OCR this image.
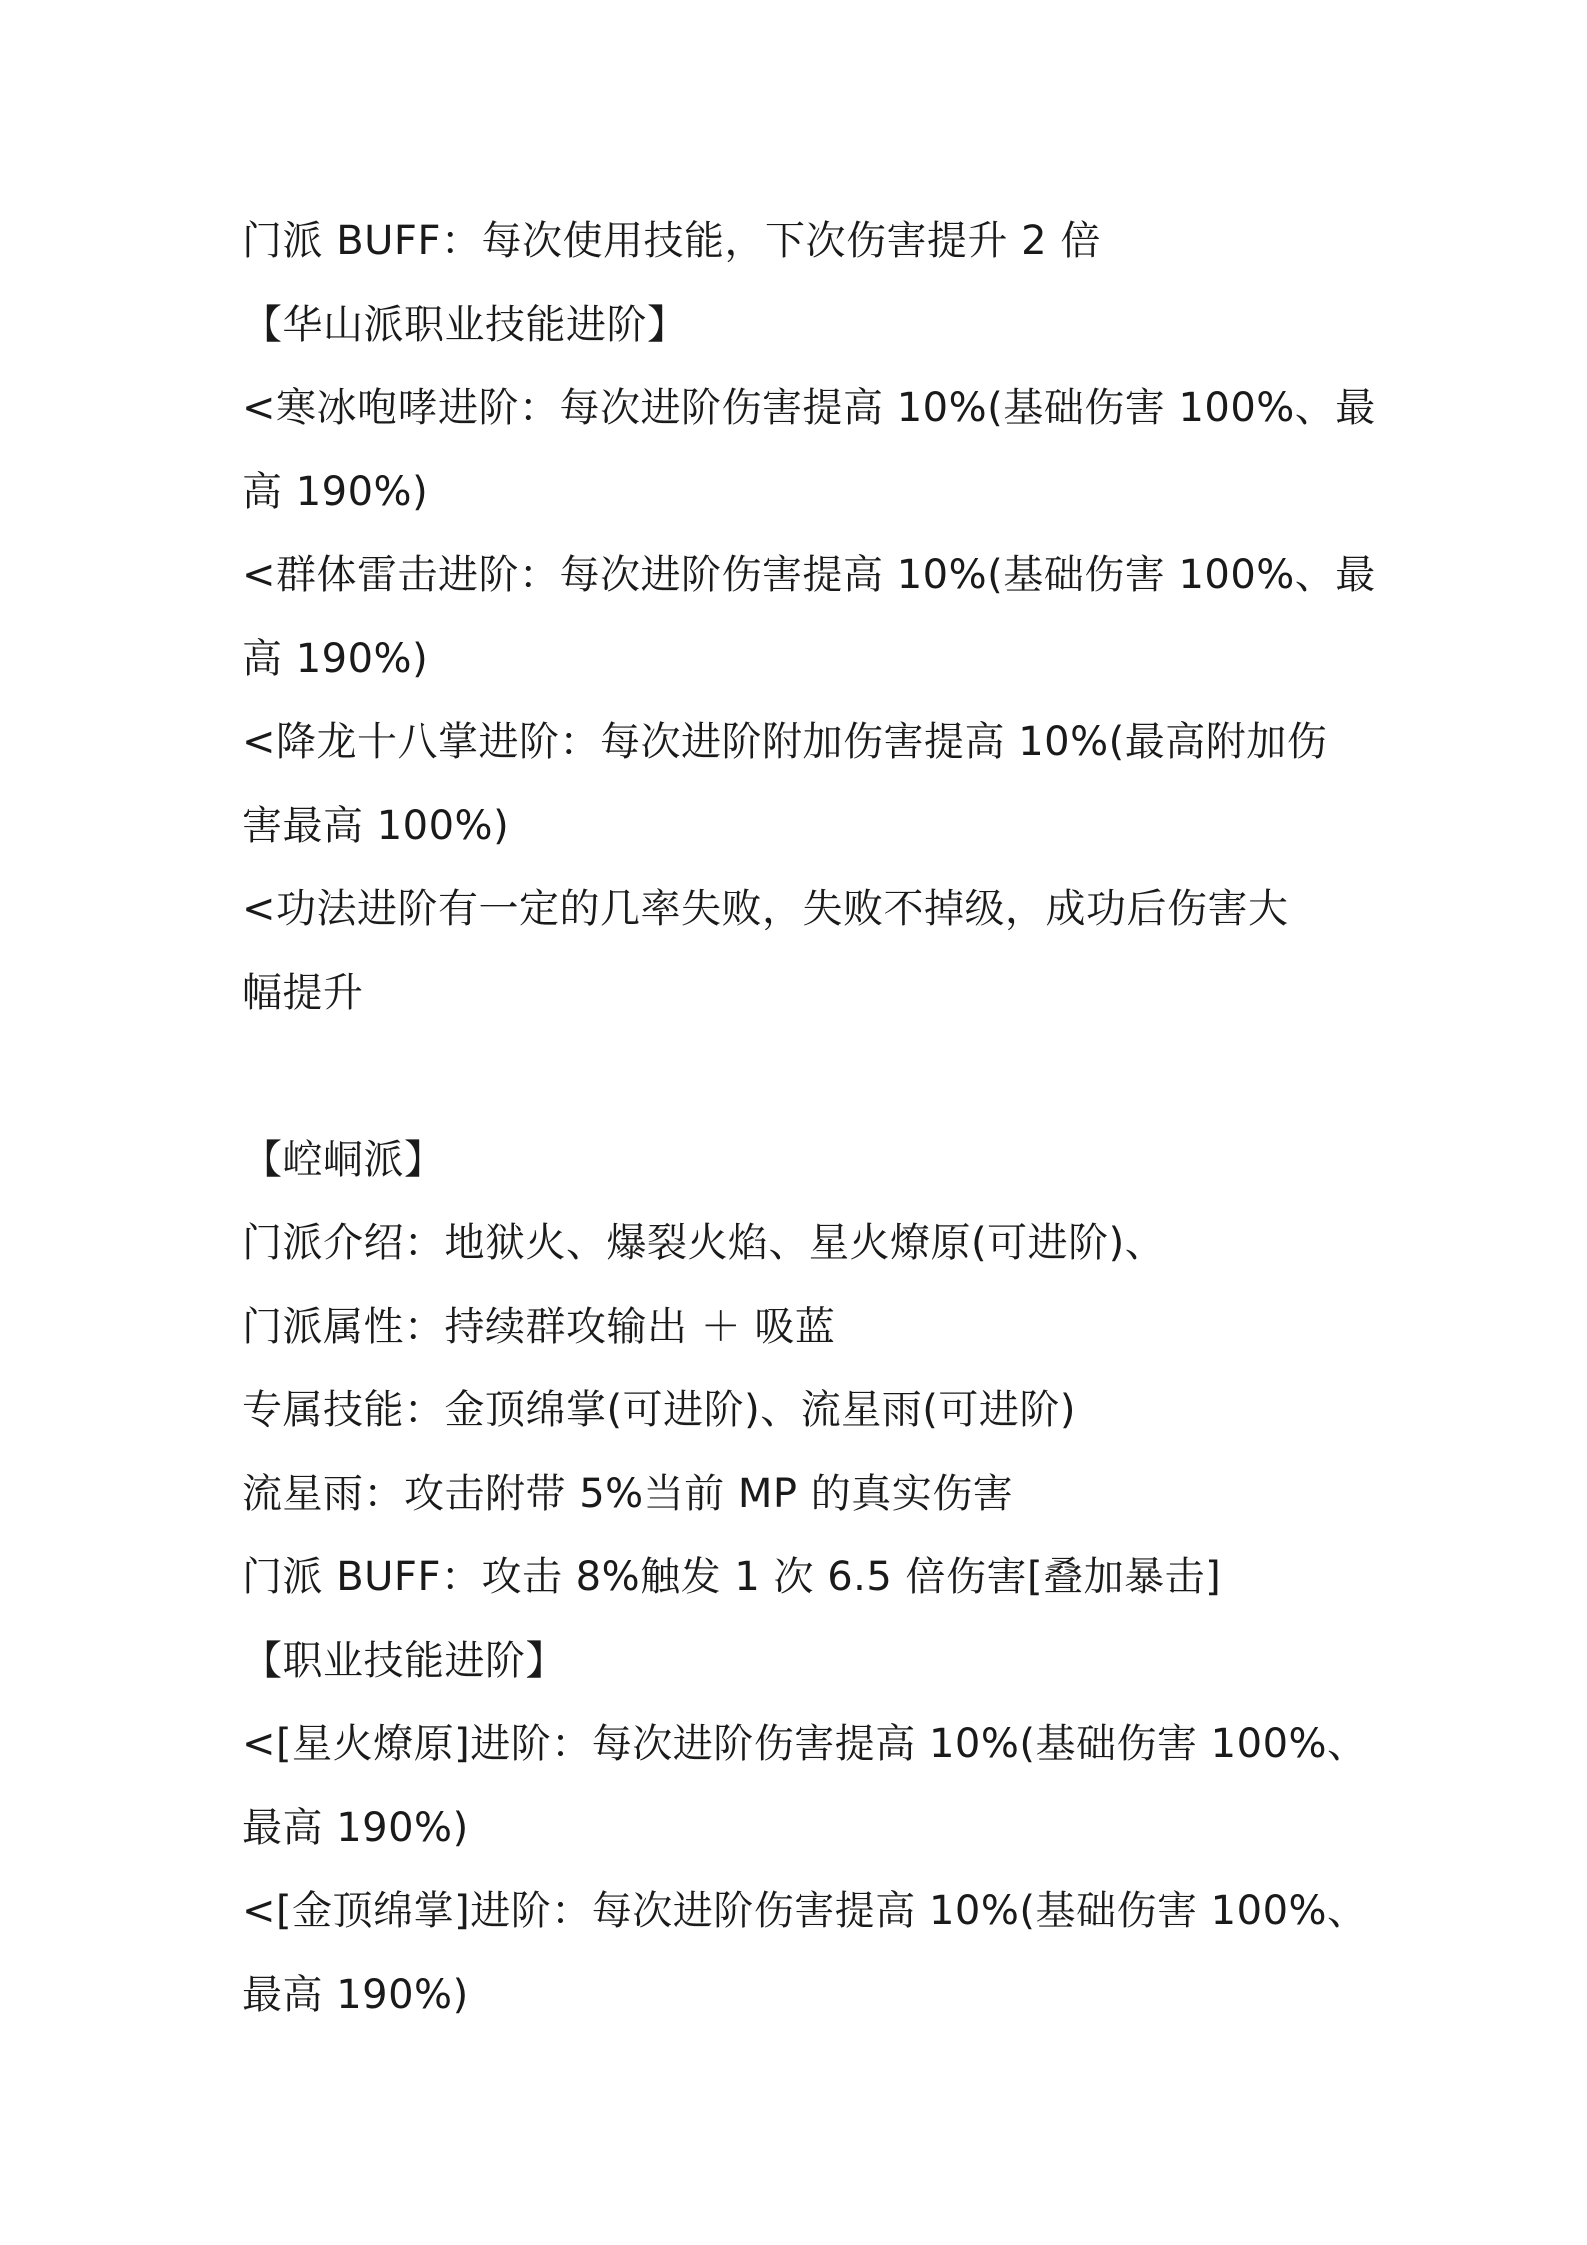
门派 BUFF：每次使用技能，下次伤害提升 2 倍
【华山派职业技能进阶】
<寒冰咆哮进阶：每次进阶伤害提高 10%(基础伤害 100%、最
高 190%)
<群体雷击进阶：每次进阶伤害提高 10%(基础伤害 100%、最
高 190%)
<降龙十八掌进阶：每次进阶附加伤害提高 10%(最高附加伤
害最高 100%)
<功法进阶有一定的几率失败，失败不掉级，成功后伤害大
幅提升
【崆峒派】
门派介绍：地狱火、爆裂火焰、星火燎原(可进阶)、
门派属性：持续群攻输出 ＋ 吸蓝
专属技能：金顶绵掌(可进阶)、流星雨(可进阶)
流星雨：攻击附带 5%当前 MP 的真实伤害
门派 BUFF：攻击 8%触发 1 次 6.5 倍伤害[叠加暴击]
【职业技能进阶】
<[星火燎原]进阶：每次进阶伤害提高 10%(基础伤害 100%、
最高 190%)
<[金顶绵掌]进阶：每次进阶伤害提高 10%(基础伤害 100%、
最高 190%)
